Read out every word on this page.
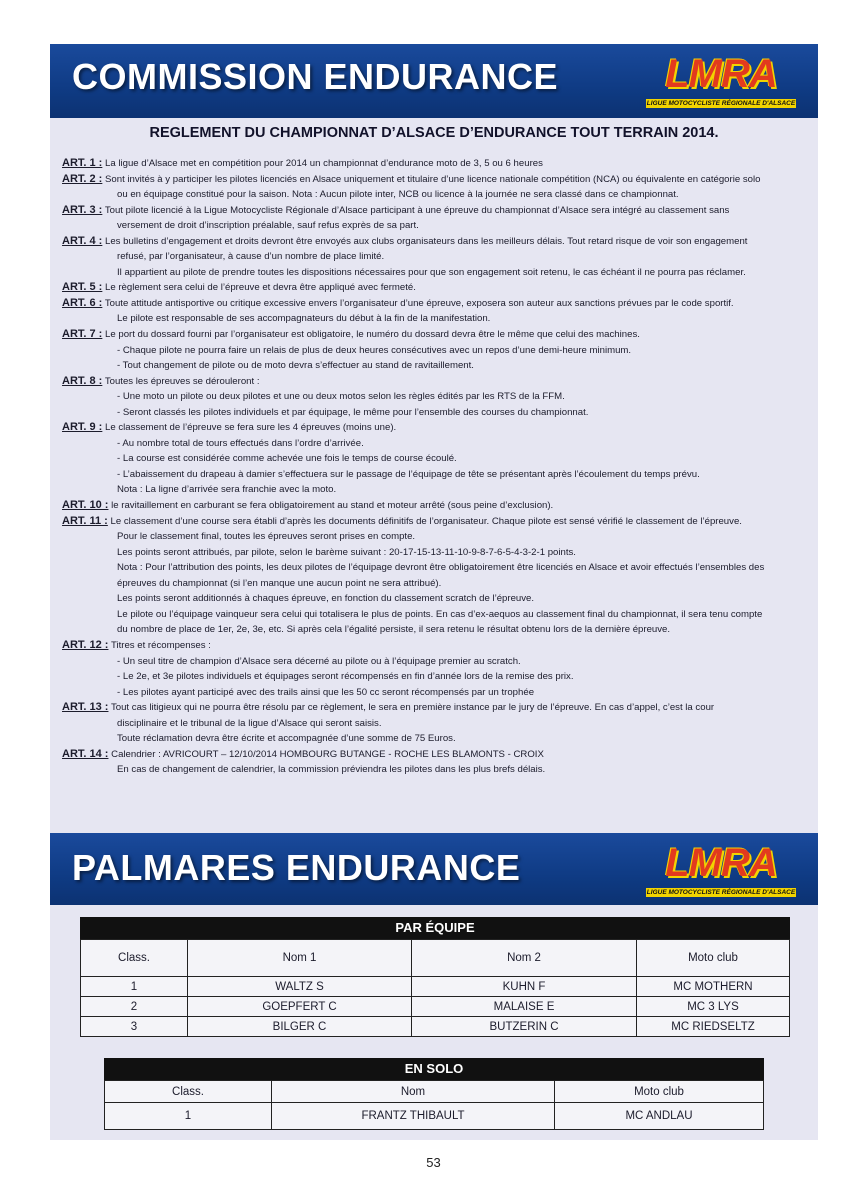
COMMISSION ENDURANCE	LMRA
LIGUE MOTOCYCLISTE RÉGIONALE D'ALSACE
REGLEMENT DU CHAMPIONNAT D’ALSACE D’ENDURANCE TOUT TERRAIN 2014.
ART. 1 : La ligue d’Alsace met en compétition pour 2014 un championnat d’endurance moto de 3, 5 ou 6 heures
ART. 2 : Sont invités à y participer les pilotes licenciés en Alsace uniquement et titulaire d’une licence nationale compétition (NCA) ou équivalente en catégorie solo
ou en équipage constitué pour la saison. Nota : Aucun pilote inter, NCB ou licence à la journée ne sera classé dans ce championnat.
ART. 3 : Tout pilote licencié à la Ligue Motocycliste Régionale d’Alsace participant à une épreuve du championnat d’Alsace sera intégré au classement sans
versement de droit d’inscription préalable, sauf refus exprès de sa part.
ART. 4 : Les bulletins d’engagement et droits devront être envoyés aux clubs organisateurs dans les meilleurs délais. Tout retard risque de voir son engagement
refusé, par l’organisateur, à cause d’un nombre de place limité.
Il appartient au pilote de prendre toutes les dispositions nécessaires pour que son engagement soit retenu, le cas échéant il ne pourra pas réclamer.
ART. 5 : Le règlement sera celui de l’épreuve et devra être appliqué avec fermeté.
ART. 6 : Toute attitude antisportive ou critique excessive envers l’organisateur d’une épreuve, exposera son auteur aux sanctions prévues par le code sportif.
Le pilote est responsable de ses accompagnateurs du début à la fin de la manifestation.
ART. 7 : Le port du dossard fourni par l’organisateur est obligatoire, le numéro du dossard devra être le même que celui des machines.
- Chaque pilote ne pourra faire un relais de plus de deux heures consécutives avec un repos d’une demi-heure minimum.
- Tout changement de pilote ou de moto devra s’effectuer au stand de ravitaillement.
ART. 8 : Toutes les épreuves se dérouleront :
- Une moto un pilote ou deux pilotes et une ou deux motos selon les règles édités par les RTS de la FFM.
- Seront classés les pilotes individuels et par équipage, le même pour l’ensemble des courses du championnat.
ART. 9 : Le classement de l’épreuve se fera sure les 4 épreuves (moins une).
- Au nombre total de tours effectués dans l’ordre d’arrivée.
- La course est considérée comme achevée une fois le temps de course écoulé.
- L’abaissement du drapeau à damier s’effectuera sur le passage de l’équipage de tête se présentant après l’écoulement du temps prévu.
Nota : La ligne d’arrivée sera franchie avec la moto.
ART. 10 : le ravitaillement en carburant se fera obligatoirement au stand et moteur arrêté (sous peine d’exclusion).
ART. 11 : Le classement d’une course sera établi d’après les documents définitifs de l’organisateur. Chaque pilote est sensé vérifié le classement de l’épreuve.
Pour le classement final, toutes les épreuves seront prises en compte.
Les points seront attribués, par pilote, selon le barème suivant : 20-17-15-13-11-10-9-8-7-6-5-4-3-2-1 points.
Nota : Pour l’attribution des points, les deux pilotes de l’équipage devront être obligatoirement être licenciés en Alsace et avoir effectués l’ensembles des
épreuves du championnat (si l’en manque une aucun point ne sera attribué).
Les points seront additionnés à chaques épreuve, en fonction du classement scratch de l’épreuve.
Le pilote ou l’équipage vainqueur sera celui qui totalisera le plus de points. En cas d’ex-aequos au classement final du championnat, il sera tenu compte
du nombre de place de 1er, 2e, 3e, etc. Si après cela l’égalité persiste, il sera retenu le résultat obtenu lors de la dernière épreuve.
ART. 12 : Titres et récompenses :
- Un seul titre de champion d’Alsace sera décerné au pilote ou à l’équipage premier au scratch.
- Le 2e, et 3e pilotes individuels et équipages seront récompensés en fin d’année lors de la remise des prix.
- Les pilotes ayant participé avec des trails ainsi que les 50 cc seront récompensés par un trophée
ART. 13 : Tout cas litigieux qui ne pourra être résolu par ce règlement, le sera en première instance par le jury de l’épreuve. En cas d’appel, c’est la cour
disciplinaire et le tribunal de la ligue d’Alsace qui seront saisis.
Toute réclamation devra être écrite et accompagnée d’une somme de 75 Euros.
ART. 14 : Calendrier : AVRICOURT – 12/10/2014 HOMBOURG BUTANGE - ROCHE LES BLAMONTS - CROIX
En cas de changement de calendrier, la commission préviendra les pilotes dans les plus brefs délais.
PALMARES ENDURANCE	LMRA
LIGUE MOTOCYCLISTE RÉGIONALE D'ALSACE
PAR ÉQUIPE
Class.	Nom 1	Nom 2	Moto club
1	WALTZ S	KUHN F	MC MOTHERN
2	GOEPFERT C	MALAISE E	MC 3 LYS
3	BILGER C	BUTZERIN C	MC RIEDSELTZ
EN SOLO
Class.	Nom	Moto club
1	FRANTZ THIBAULT	MC ANDLAU
53
